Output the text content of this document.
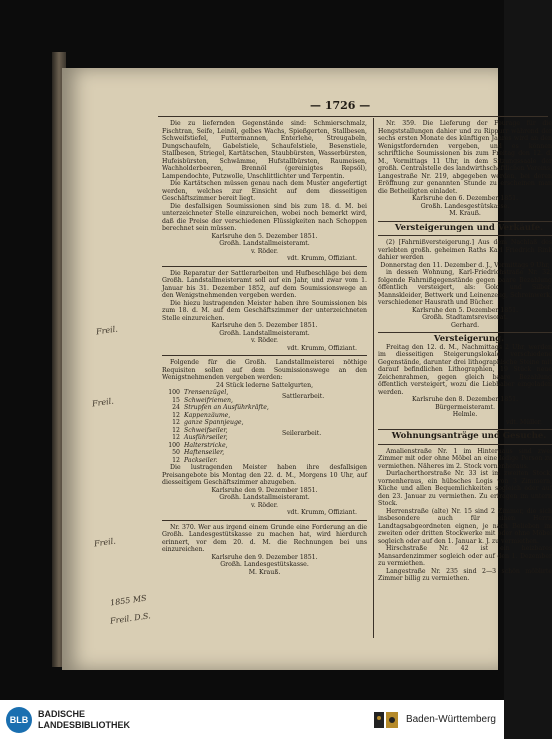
— 1726 —

Die zu liefernden Gegenstände sind: Schmierschmalz, Fischtran, Seife, Leinöl, gelbes Wachs, Spießgerten, Stallbesen, Schweifstiefel, Futtermannen, Enterlehe, Streugabeln, Dungschaufeln, Gabelstiele, Schaufelstiele, Besenstiele, Stallbesen, Striegel, Kartätschen, Staubbürsten, Wasserbürsten, Hufeisbürsten, Schwämme, Hufstallbürsten, Raumeisen, Wachholderbeeren, Brennöl (gereinigtes Repsöl), Lampendochte, Putzwolle, Unschlittlichter und Terpentin.

Die Kartätschen müssen genau nach dem Muster angefertigt werden, welches zur Einsicht auf dem diesseitigen Geschäftszimmer bereit liegt.

Die desfallsigen Soumissionen sind bis zum 18. d. M. bei unterzeichneter Stelle einzureichen, wobei noch bemerkt wird, daß die Preise der verschiedenen Flüssigkeiten nach Schoppen berechnet sein müssen.

Karlsruhe den 5. Dezember 1851.

Großh. Landstallmeisteramt.

v. Röder.

vdt. Krumm, Offiziant.

Die Reparatur der Sattlerarbeiten und Hufbeschläge bei dem Großh. Landstallmeisteramt soll auf ein Jahr, und zwar vom 1. Januar bis 31. Dezember 1852, auf dem Soumissionswege an den Wenigstnehmenden vergeben werden.

Die hiezu lustragenden Meister haben ihre Soumissionen bis zum 18. d. M. auf dem Geschäftszimmer der unterzeichneten Stelle einzureichen.

Karlsruhe den 5. Dezember 1851.

Großh. Landstallmeisteramt.

v. Röder.

vdt. Krumm, Offiziant.

Folgende für die Großh. Landstallmeisterei nöthige Requisiten sollen auf dem Soumissionswege an den Wenigstnehmenden vergeben werden:

24 Stück lederne Sattelgurten,

100 Trensenzügel,
15 Schweifriemen,
24 Strupfen an Ausführkräfte,
12 Kappenzäume,
12 ganze Spannjeuge,
12 Schweifseiler,
12 Ausführseiler,
100 Halterstricke,
50 Haftenseiler,
12 Packseiler.
Sattlerarbeit.
Seilerarbeit.

Die lustragenden Meister haben ihre desfallsigen Preisangebote bis Montag den 22. d. M., Morgens 10 Uhr, auf diesseitigem Geschäftszimmer abzugeben.

Karlsruhe den 9. Dezember 1851.

Großh. Landstallmeisteramt.

v. Röder.

vdt. Krumm, Offiziant.

Nr. 370. Wer aus irgend einem Grunde eine Forderung an die Großh. Landesgestütskasse zu machen hat, wird hierdurch erinnert, vor dem 20. d. M. die Rechnungen bei uns einzureichen.

Karlsruhe den 9. Dezember 1851.

Großh. Landesgestütskasse.

M. Krauß.

Nr. 359. Die Lieferung der Fourage für die Hengststallungen dahier und zu Rippurr während der sechs ersten Monate des künftigen Jahres wird an den Wenigstfordernden vergeben, und es können schriftliche Soumissionen bis zum Freitag den 12. d. M., Vormittags 11 Uhr, in dem Sitzungssaale der großh. Centralstelle des landwirthschaftlichen Vereins, Langestraße Nr. 219, abgegeben werden, bei deren Eröffnung zur genannten Stunde zu erscheinen man die Betheiligten einladet.

Karlsruhe den 6. Dezember 1851.

Großh. Landesgestütskasse.

M. Krauß.

Versteigerungen und Verkäufe.

(2) [Fahrnißversteigerung.] Aus dem Nachlaß des verlebten großh. geheimen Raths Karl Friedrich Rink dahier werden

Donnerstag den 11. Dezember d. J., Vormittags 9 Uhr,

in dessen Wohnung, Karl-Friedrichstraße Nr. 32, folgende Fahrnißgegenstände gegen baare Bezahlung öffentlich versteigert, als: Gold und Silber, Mannskleider, Bettwerk und Leinenzeug, Schreinwerk, verschiedener Hausrath und Bücher.

Karlsruhe den 5. Dezember 1851.

Großh. Stadtamtsrevisorat.

Gerhard.

Versteigerung.

Freitag den 12. d. M., Nachmittags 2 Uhr, werden im diesseitigen Steigerungslokale verschiedene Gegenstände, darunter drei lithographische Steine mit darauf befindlichen Lithographien, 19 Stück neue Zeichenrahmen, gegen gleich baare Bezahlung öffentlich versteigert, wozu die Liebhaber eingeladen werden.

Karlsruhe den 8. Dezember 1851.

Bürgermeisteramt.

Helmle.

vdt. Müller.

Wohnungsanträge und Gesuche.

Amalienstraße Nr. 1 im Hinterhaus sind zwei Zimmer mit oder ohne Möbel an eine ledige Person zu vermiethen. Näheres im 2. Stock vornenheraus.

Durlacherthorstraße Nr. 33 ist im zweiten Stock, vornenheraus, ein hübsches Logis von 3 Zimmern, Küche und allen Bequemlichkeiten sogleich oder auf den 23. Januar zu vermiethen. Zu erfragen im untern Stock.

Herrenstraße (alte) Nr. 15 sind 2 Zimmer, die sich insbesondere auch für einen Herrn Landtagsabgeordneten eignen, je nach Belieben im zweiten oder dritten Stockwerke mit oder ohne Möbel sogleich oder auf den 1. Januar k. J. zu vermiethen.

Hirschstraße Nr. 42 ist ein heizbares Mansardenzimmer sogleich oder auf den 1. Dezember zu vermiethen.

Langestraße Nr. 235 sind 2—3 schön möblirte Zimmer billig zu vermiethen.

Freil.
Freil.
Freil.
1855 MS
Freil. D.S.
BLB
BADISCHE
LANDESBIBLIOTHEK	Baden-Württemberg
